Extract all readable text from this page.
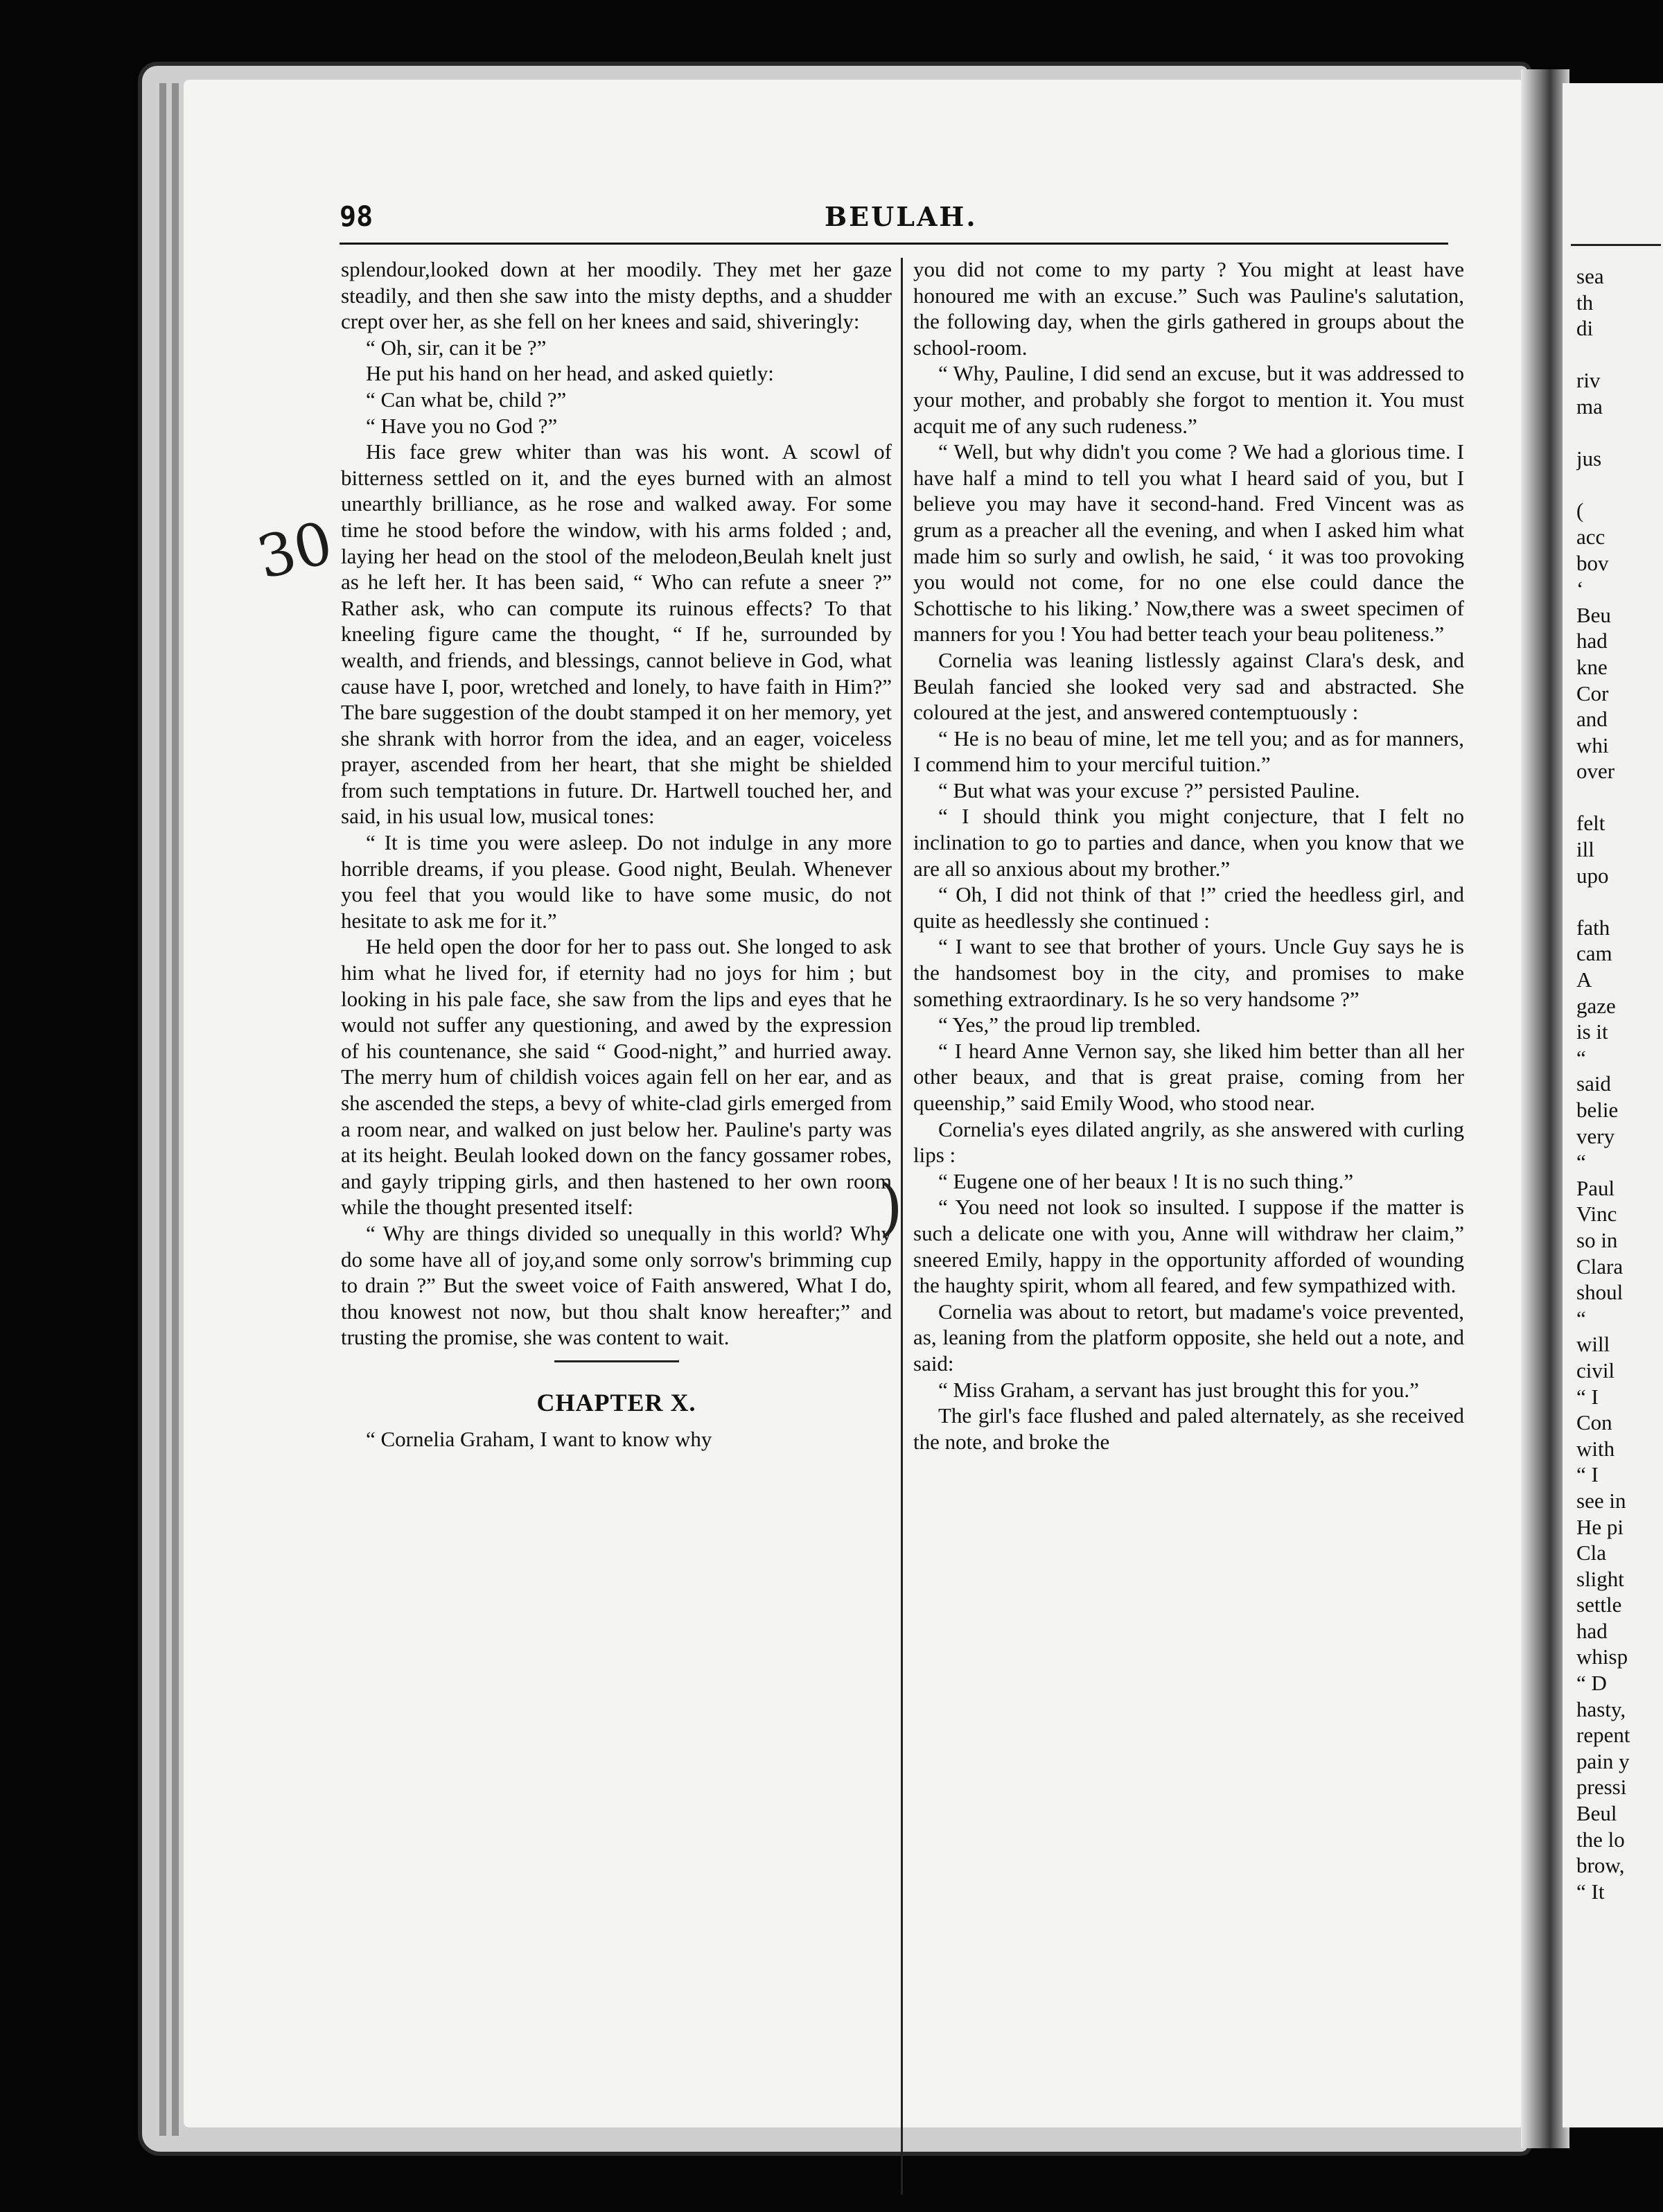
sea
th
di
riv
ma
jus
(
acc
bov
‘
Beu
had
kne
Cor
and
whi
over
felt
ill
upo
fath
cam
A
gaze
is it
“
said
belie
very
“
Paul
Vinc
so in
Clara
shoul
“
will
civil
“ I
Con
with
“ I
see in
He pi
Cla
slight
settle
had
whisp
“ D
hasty,
repent
pain y
pressi
Beul
the lo
brow,
“ It
98	BEULAH.

splendour,looked down at her moodily. They met her gaze steadily, and then she saw into the misty depths, and a shudder crept over her, as she fell on her knees and said, shiveringly:

“ Oh, sir, can it be ?”

He put his hand on her head, and asked quietly:

“ Can what be, child ?”

“ Have you no God ?”

His face grew whiter than was his wont. A scowl of bitterness settled on it, and the eyes burned with an almost unearthly brilliance, as he rose and walked away. For some time he stood before the window, with his arms folded ; and, laying her head on the stool of the melodeon,Beulah knelt just as he left her. It has been said, “ Who can refute a sneer ?” Rather ask, who can compute its ruinous effects? To that kneeling figure came the thought, “ If he, surrounded by wealth, and friends, and blessings, cannot believe in God, what cause have I, poor, wretched and lonely, to have faith in Him?” The bare suggestion of the doubt stamped it on her memory, yet she shrank with horror from the idea, and an eager, voiceless prayer, ascended from her heart, that she might be shielded from such temptations in future. Dr. Hartwell touched her, and said, in his usual low, musical tones:

“ It is time you were asleep. Do not indulge in any more horrible dreams, if you please. Good night, Beulah. Whenever you feel that you would like to have some music, do not hesitate to ask me for it.”

He held open the door for her to pass out. She longed to ask him what he lived for, if eternity had no joys for him ; but looking in his pale face, she saw from the lips and eyes that he would not suffer any questioning, and awed by the expression of his countenance, she said “ Good-night,” and hurried away. The merry hum of childish voices again fell on her ear, and as she ascended the steps, a bevy of white-clad girls emerged from a room near, and walked on just below her. Pauline's party was at its height. Beulah looked down on the fancy gossamer robes, and gayly tripping girls, and then hastened to her own room while the thought presented itself:

“ Why are things divided so unequally in this world? Why do some have all of joy,and some only sorrow's brimming cup to drain ?” But the sweet voice of Faith answered, What I do, thou knowest not now, but thou shalt know hereafter;” and trusting the promise, she was content to wait.

CHAPTER X.

“ Cornelia Graham, I want to know why

you did not come to my party ? You might at least have honoured me with an excuse.” Such was Pauline's salutation, the following day, when the girls gathered in groups about the school-room.

“ Why, Pauline, I did send an excuse, but it was addressed to your mother, and probably she forgot to mention it. You must acquit me of any such rudeness.”

“ Well, but why didn't you come ? We had a glorious time. I have half a mind to tell you what I heard said of you, but I believe you may have it second-hand. Fred Vincent was as grum as a preacher all the evening, and when I asked him what made him so surly and owlish, he said, ‘ it was too provoking you would not come, for no one else could dance the Schottische to his liking.’ Now,there was a sweet specimen of manners for you ! You had better teach your beau politeness.”

Cornelia was leaning listlessly against Clara's desk, and Beulah fancied she looked very sad and abstracted. She coloured at the jest, and answered contemptuously :

“ He is no beau of mine, let me tell you; and as for manners, I commend him to your merciful tuition.”

“ But what was your excuse ?” persisted Pauline.

“ I should think you might conjecture, that I felt no inclination to go to parties and dance, when you know that we are all so anxious about my brother.”

“ Oh, I did not think of that !” cried the heedless girl, and quite as heedlessly she continued :

“ I want to see that brother of yours. Uncle Guy says he is the handsomest boy in the city, and promises to make something extraordinary. Is he so very handsome ?”

“ Yes,” the proud lip trembled.

“ I heard Anne Vernon say, she liked him better than all her other beaux, and that is great praise, coming from her queenship,” said Emily Wood, who stood near.

Cornelia's eyes dilated angrily, as she answered with curling lips :

“ Eugene one of her beaux ! It is no such thing.”

“ You need not look so insulted. I suppose if the matter is such a delicate one with you, Anne will withdraw her claim,” sneered Emily, happy in the opportunity afforded of wounding the haughty spirit, whom all feared, and few sympathized with.

Cornelia was about to retort, but madame's voice prevented, as, leaning from the platform opposite, she held out a note, and said:

“ Miss Graham, a servant has just brought this for you.”

The girl's face flushed and paled alternately, as she received the note, and broke the

30
)
